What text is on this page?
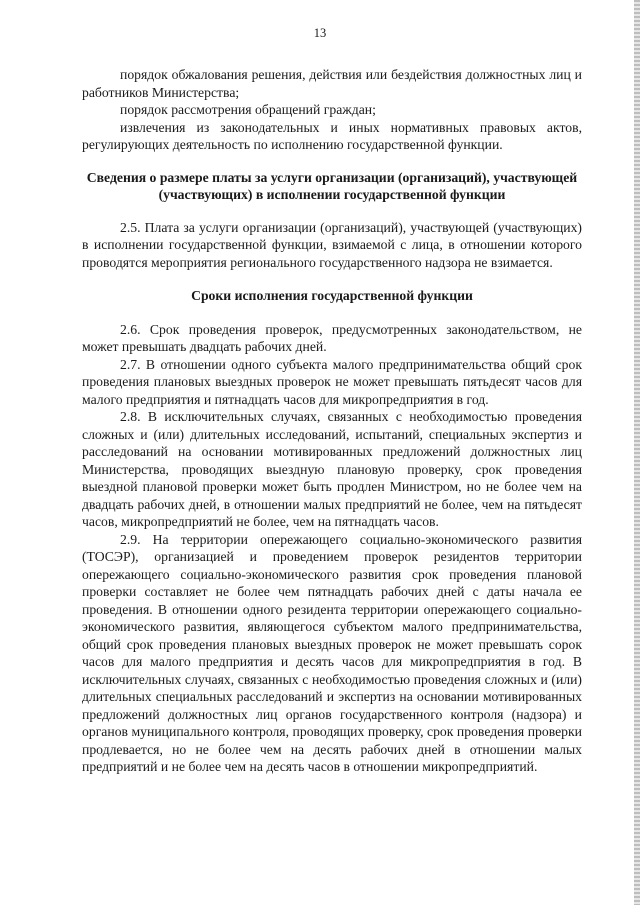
13

порядок обжалования решения, действия или бездействия должностных лиц и работников Министерства;

порядок рассмотрения обращений граждан;

извлечения из законодательных и иных нормативных правовых актов, регулирующих деятельность по исполнению государственной функции.

Сведения о размере платы за услуги организации (организаций), участвующей (участвующих) в исполнении государственной функции

2.5. Плата за услуги организации (организаций), участвующей (участвующих) в исполнении государственной функции, взимаемой с лица, в отношении которого проводятся мероприятия регионального государственного надзора не взимается.

Сроки исполнения государственной функции

2.6. Срок проведения проверок, предусмотренных законодательством, не может превышать двадцать рабочих дней.

2.7. В отношении одного субъекта малого предпринимательства общий срок проведения плановых выездных проверок не может превышать пятьдесят часов для малого предприятия и пятнадцать часов для микропредприятия в год.

2.8. В исключительных случаях, связанных с необходимостью проведения сложных и (или) длительных исследований, испытаний, специальных экспертиз и расследований на основании мотивированных предложений должностных лиц Министерства, проводящих выездную плановую проверку, срок проведения выездной плановой проверки может быть продлен Министром, но не более чем на двадцать рабочих дней, в отношении малых предприятий не более, чем на пятьдесят часов, микропредприятий не более, чем на пятнадцать часов.

2.9. На территории опережающего социально-экономического развития (ТОСЭР), организацией и проведением проверок резидентов территории опережающего социально-экономического развития срок проведения плановой проверки составляет не более чем пятнадцать рабочих дней с даты начала ее проведения. В отношении одного резидента территории опережающего социально-экономического развития, являющегося субъектом малого предпринимательства, общий срок проведения плановых выездных проверок не может превышать сорок часов для малого предприятия и десять часов для микропредприятия в год. В исключительных случаях, связанных с необходимостью проведения сложных и (или) длительных специальных расследований и экспертиз на основании мотивированных предложений должностных лиц органов государственного контроля (надзора) и органов муниципального контроля, проводящих проверку, срок проведения проверки продлевается, но не более чем на десять рабочих дней в отношении малых предприятий и не более чем на десять часов в отношении микропредприятий.
